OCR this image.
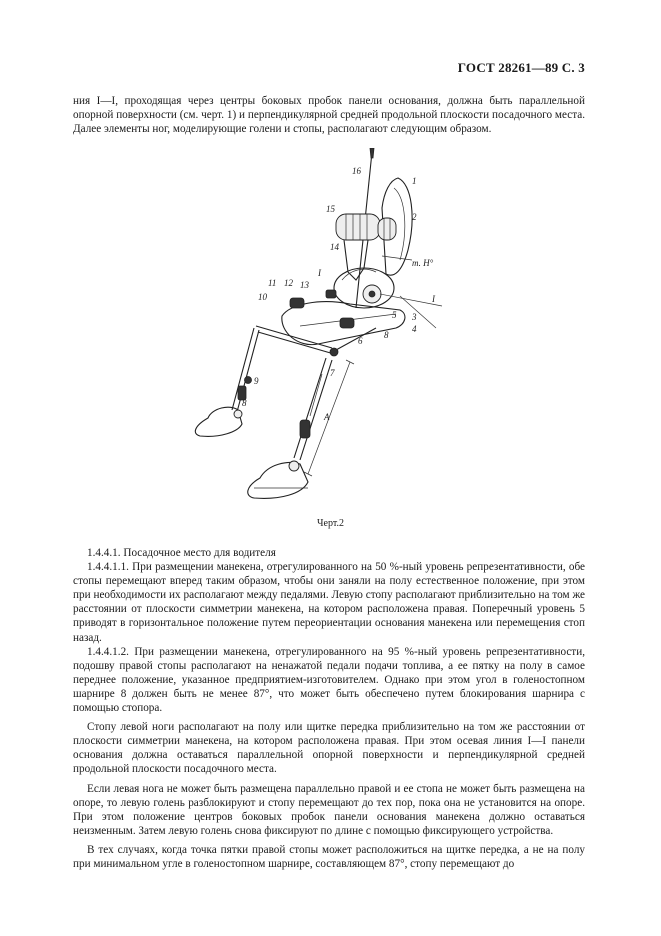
ГОСТ 28261—89 С. 3

ния I—I, проходящая через центры боковых пробок панели основания, должна быть параллельной опорной поверхности (см. черт. 1) и перпендикулярной средней продольной плоскости посадочного места. Далее элементы ног, моделирующие голени и стопы, располагают следующим образом.

16
1
15
2
14
т. Н°
11 12 13
I
I
10
5 3
4
6
8
7
9
8
А
Черт.2

1.4.4.1. Посадочное место для водителя

1.4.4.1.1. При размещении манекена, отрегулированного на 50 %-ный уровень репрезентативности, обе стопы перемещают вперед таким образом, чтобы они заняли на полу естественное положение, при этом при необходимости их располагают между педалями. Левую стопу располагают приблизительно на том же расстоянии от плоскости симметрии манекена, на котором расположена правая. Поперечный уровень 5 приводят в горизонтальное положение путем переориентации основания манекена или перемещения стоп назад.

1.4.4.1.2. При размещении манекена, отрегулированного на 95 %-ный уровень репрезентативности, подошву правой стопы располагают на ненажатой педали подачи топлива, а ее пятку на полу в самое переднее положение, указанное предприятием-изготовителем. Однако при этом угол в голеностопном шарнире 8 должен быть не менее 87°, что может быть обеспечено путем блокирования шарнира с помощью стопора.

Стопу левой ноги располагают на полу или щитке передка приблизительно на том же расстоянии от плоскости симметрии манекена, на котором расположена правая. При этом осевая линия I—I панели основания должна оставаться параллельной опорной поверхности и перпендикулярной средней продольной плоскости посадочного места.

Если левая нога не может быть размещена параллельно правой и ее стопа не может быть размещена на опоре, то левую голень разблокируют и стопу перемещают до тех пор, пока она не установится на опоре. При этом положение центров боковых пробок панели основания манекена должно оставаться неизменным. Затем левую голень снова фиксируют по длине с помощью фиксирующего устройства.

В тех случаях, когда точка пятки правой стопы может расположиться на щитке передка, а не на полу при минимальном угле в голеностопном шарнире, составляющем 87°, стопу перемещают до
